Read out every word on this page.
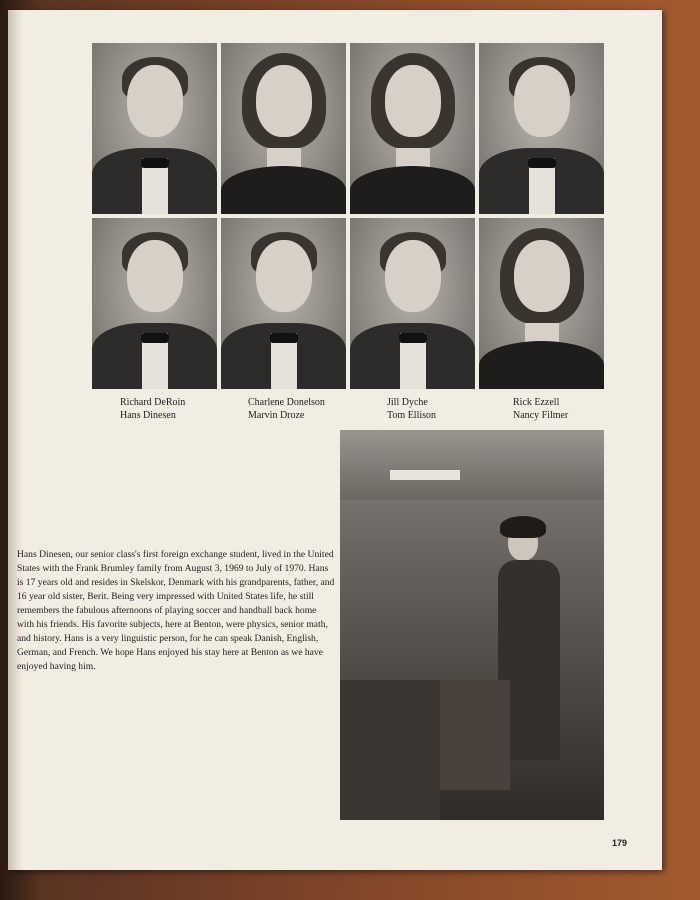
Richard DeRoin
Hans Dinesen
Charlene Donelson
Marvin Droze
Jill Dyche
Tom Ellison
Rick Ezzell
Nancy Filmer

Hans Dinesen, our senior class's first foreign exchange student, lived in the United States with the Frank Brumley family from August 3, 1969 to July of 1970. Hans is 17 years old and resides in Skelskor, Denmark with his grandparents, father, and 16 year old sister, Berit. Being very impressed with United States life, he still remembers the fabulous afternoons of playing soccer and handball back home with his friends. His favorite subjects, here at Benton, were physics, senior math, and history. Hans is a very linguistic person, for he can speak Danish, English, German, and French. We hope Hans enjoyed his stay here at Benton as we have enjoyed having him.

179
